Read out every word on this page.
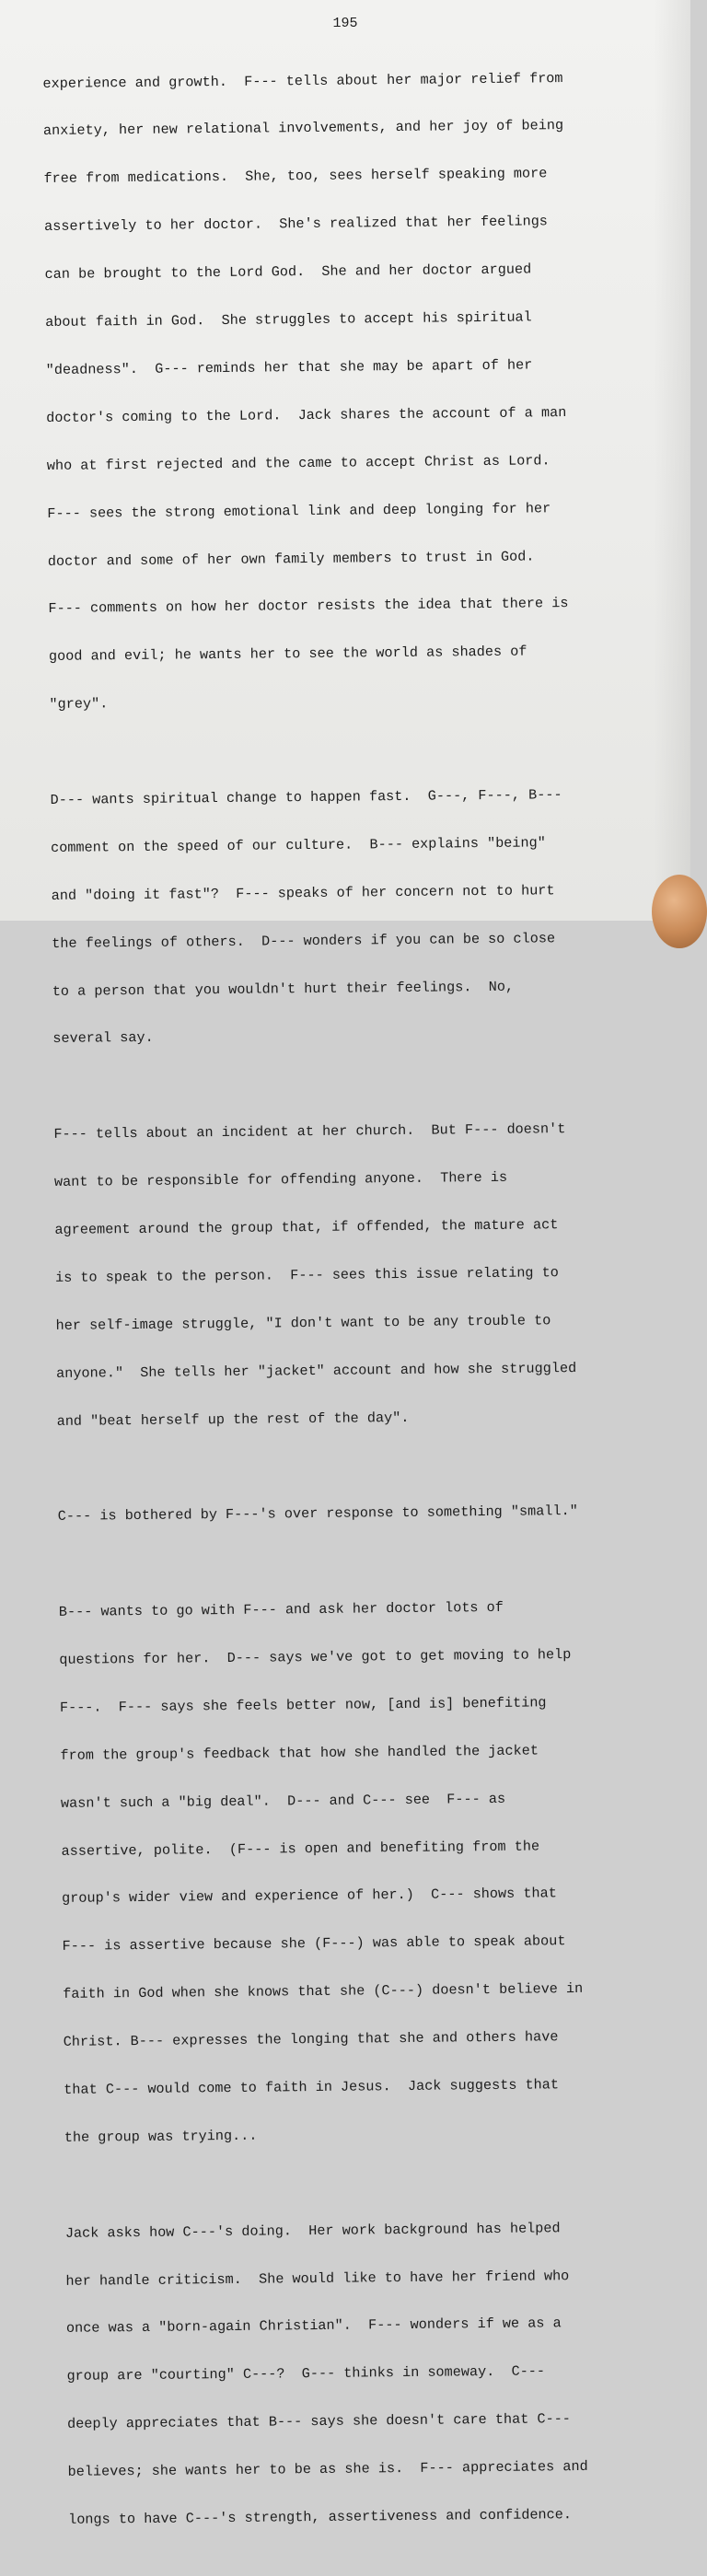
195

experience and growth.  F--- tells about her major relief from

anxiety, her new relational involvements, and her joy of being

free from medications.  She, too, sees herself speaking more

assertively to her doctor.  She's realized that her feelings

can be brought to the Lord God.  She and her doctor argued

about faith in God.  She struggles to accept his spiritual

"deadness".  G--- reminds her that she may be apart of her

doctor's coming to the Lord.  Jack shares the account of a man

who at first rejected and the came to accept Christ as Lord.

F--- sees the strong emotional link and deep longing for her

doctor and some of her own family members to trust in God.

F--- comments on how her doctor resists the idea that there is

good and evil; he wants her to see the world as shades of

"grey".

D--- wants spiritual change to happen fast.  G---, F---, B---

comment on the speed of our culture.  B--- explains "being"

and "doing it fast"?  F--- speaks of her concern not to hurt

the feelings of others.  D--- wonders if you can be so close

to a person that you wouldn't hurt their feelings.  No,

several say.

F--- tells about an incident at her church.  But F--- doesn't

want to be responsible for offending anyone.  There is

agreement around the group that, if offended, the mature act

is to speak to the person.  F--- sees this issue relating to

her self-image struggle, "I don't want to be any trouble to

anyone."  She tells her "jacket" account and how she struggled

and "beat herself up the rest of the day".

C--- is bothered by F---'s over response to something "small."

B--- wants to go with F--- and ask her doctor lots of

questions for her.  D--- says we've got to get moving to help

F---.  F--- says she feels better now, [and is] benefiting

from the group's feedback that how she handled the jacket

wasn't such a "big deal".  D--- and C--- see  F--- as

assertive, polite.  (F--- is open and benefiting from the

group's wider view and experience of her.)  C--- shows that

F--- is assertive because she (F---) was able to speak about

faith in God when she knows that she (C---) doesn't believe in

Christ. B--- expresses the longing that she and others have

that C--- would come to faith in Jesus.  Jack suggests that

the group was trying...

Jack asks how C---'s doing.  Her work background has helped

her handle criticism.  She would like to have her friend who

once was a "born-again Christian".  F--- wonders if we as a

group are "courting" C---?  G--- thinks in someway.  C---

deeply appreciates that B--- says she doesn't care that C---

believes; she wants her to be as she is.  F--- appreciates and

longs to have C---'s strength, assertiveness and confidence.
